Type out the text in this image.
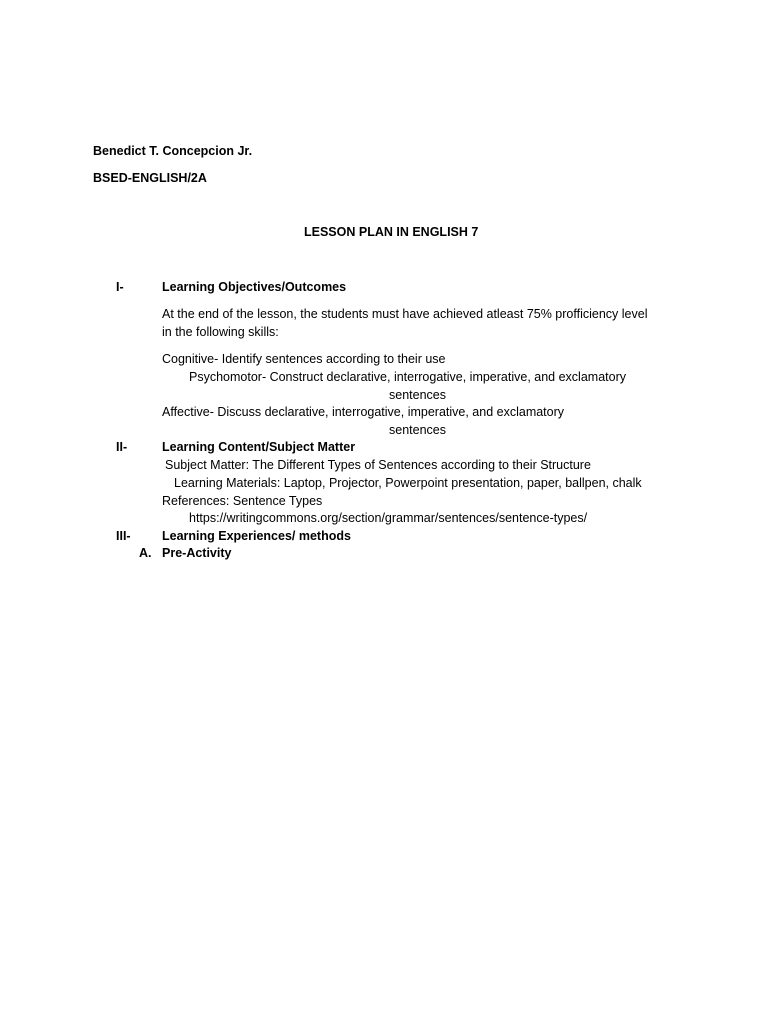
Benedict T. Concepcion Jr.
BSED-ENGLISH/2A
LESSON PLAN IN ENGLISH 7
I-	Learning Objectives/Outcomes
At the end of the lesson, the students must have achieved atleast 75% profficiency level
in the following skills:
Cognitive- Identify sentences according to their use
Psychomotor- Construct declarative, interrogative, imperative, and exclamatory
sentences
Affective- Discuss declarative, interrogative, imperative, and exclamatory
sentences
II-	Learning Content/Subject Matter
Subject Matter: The Different Types of Sentences according to their Structure
Learning Materials: Laptop, Projector, Powerpoint presentation, paper, ballpen, chalk
References: Sentence Types
https://writingcommons.org/section/grammar/sentences/sentence-types/
III-	Learning Experiences/ methods
A. Pre-Activity
